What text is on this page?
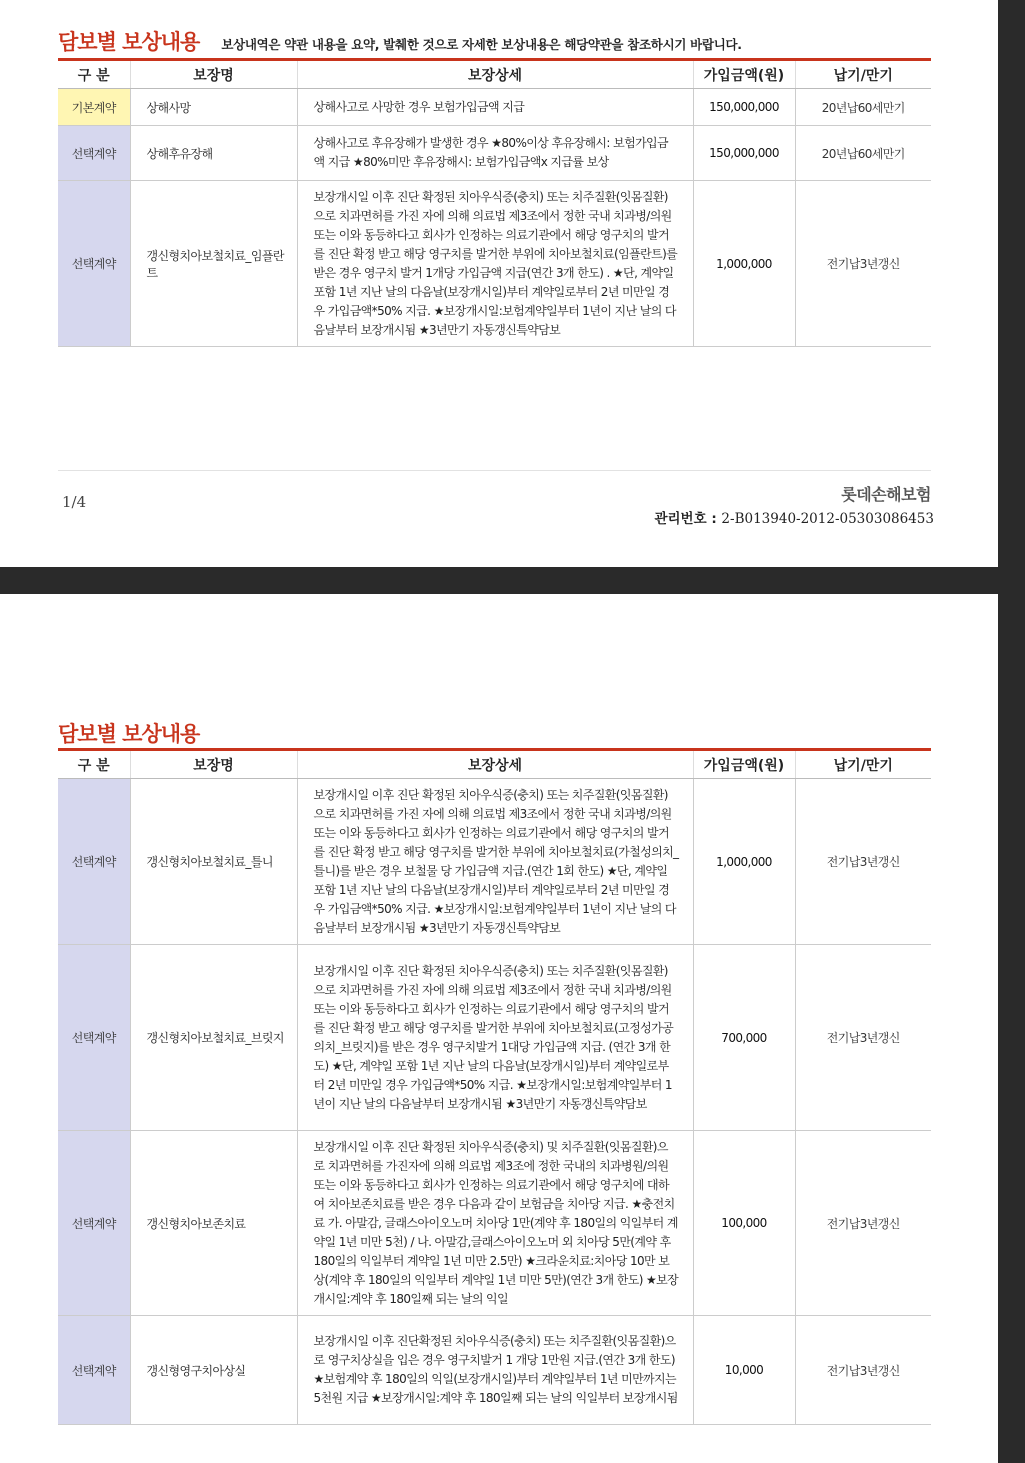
담보별 보상내용 보상내역은 약관 내용을 요약, 발췌한 것으로 자세한 보상내용은 해당약관을 참조하시기 바랍니다.
구 분	보장명	보장상세	가입금액(원)	납기/만기
기본계약	상해사망	상해사고로 사망한 경우 보험가입금액 지급	150,000,000	20년납60세만기
선택계약	상해후유장해	상해사고로 후유장해가 발생한 경우 ★80%이상 후유장해시: 보험가입금액 지급 ★80%미만 후유장해시: 보험가입금액x 지급률 보상	150,000,000	20년납60세만기
선택계약	갱신형치아보철치료_임플란트	보장개시일 이후 진단 확정된 치아우식증(충치) 또는 치주질환(잇몸질환)으로 치과면허를 가진 자에 의해 의료법 제3조에서 정한 국내 치과병/의원 또는 이와 동등하다고 회사가 인정하는 의료기관에서 해당 영구치의 발거를 진단 확정 받고 해당 영구치를 발거한 부위에 치아보철치료(임플란트)를 받은 경우 영구치 발거 1개당 가입금액 지급(연간 3개 한도) . ★단, 계약일 포함 1년 지난 날의 다음날(보장개시일)부터 계약일로부터 2년 미만일 경우 가입금액*50% 지급. ★보장개시일:보험계약일부터 1년이 지난 날의 다음날부터 보장개시됨 ★3년만기 자동갱신특약담보	1,000,000	전기납3년갱신
1/4	롯데손해보험
관리번호 : 2-B013940-2012-05303086453
담보별 보상내용
구 분	보장명	보장상세	가입금액(원)	납기/만기
선택계약	갱신형치아보철치료_틀니	보장개시일 이후 진단 확정된 치아우식증(충치) 또는 치주질환(잇몸질환)으로 치과면허를 가진 자에 의해 의료법 제3조에서 정한 국내 치과병/의원 또는 이와 동등하다고 회사가 인정하는 의료기관에서 해당 영구치의 발거를 진단 확정 받고 해당 영구치를 발거한 부위에 치아보철치료(가철성의치_틀니)를 받은 경우 보철물 당 가입금액 지급.(연간 1회 한도) ★단, 계약일 포함 1년 지난 날의 다음날(보장개시일)부터 계약일로부터 2년 미만일 경우 가입금액*50% 지급. ★보장개시일:보험계약일부터 1년이 지난 날의 다음날부터 보장개시됨 ★3년만기 자동갱신특약담보	1,000,000	전기납3년갱신
선택계약	갱신형치아보철치료_브릿지	보장개시일 이후 진단 확정된 치아우식증(충치) 또는 치주질환(잇몸질환)으로 치과면허를 가진 자에 의해 의료법 제3조에서 정한 국내 치과병/의원 또는 이와 동등하다고 회사가 인정하는 의료기관에서 해당 영구치의 발거를 진단 확정 받고 해당 영구치를 발거한 부위에 치아보철치료(고정성가공의치_브릿지)를 받은 경우 영구치발거 1대당 가입금액 지급. (연간 3개 한도) ★단, 계약일 포함 1년 지난 날의 다음날(보장개시일)부터 계약일로부터 2년 미만일 경우 가입금액*50% 지급. ★보장개시일:보험계약일부터 1년이 지난 날의 다음날부터 보장개시됨 ★3년만기 자동갱신특약담보	700,000	전기납3년갱신
선택계약	갱신형치아보존치료	보장개시일 이후 진단 확정된 치아우식증(충치) 및 치주질환(잇몸질환)으로 치과면허를 가진자에 의해 의료법 제3조에 정한 국내의 치과병원/의원 또는 이와 동등하다고 회사가 인정하는 의료기관에서 해당 영구치에 대하여 치아보존치료를 받은 경우 다음과 같이 보험금을 치아당 지급. ★충전치료 가. 아말감, 글래스아이오노머 치아당 1만(계약 후 180일의 익일부터 계약일 1년 미만 5천) / 나. 아말감,글래스아이오노머 외 치아당 5만(계약 후 180일의 익일부터 계약일 1년 미만 2.5만) ★크라운치료:치아당 10만 보상(계약 후 180일의 익일부터 계약일 1년 미만 5만)(연간 3개 한도) ★보장개시일:계약 후 180일째 되는 날의 익일	100,000	전기납3년갱신
선택계약	갱신형영구치아상실	보장개시일 이후 진단확정된 치아우식증(충치) 또는 치주질환(잇몸질환)으로 영구치상실을 입은 경우 영구치발거 1 개당 1만원 지급.(연간 3개 한도) ★보험계약 후 180일의 익일(보장개시일)부터 계약일부터 1년 미만까지는 5천원 지급 ★보장개시일:계약 후 180일째 되는 날의 익일부터 보장개시됨	10,000	전기납3년갱신
